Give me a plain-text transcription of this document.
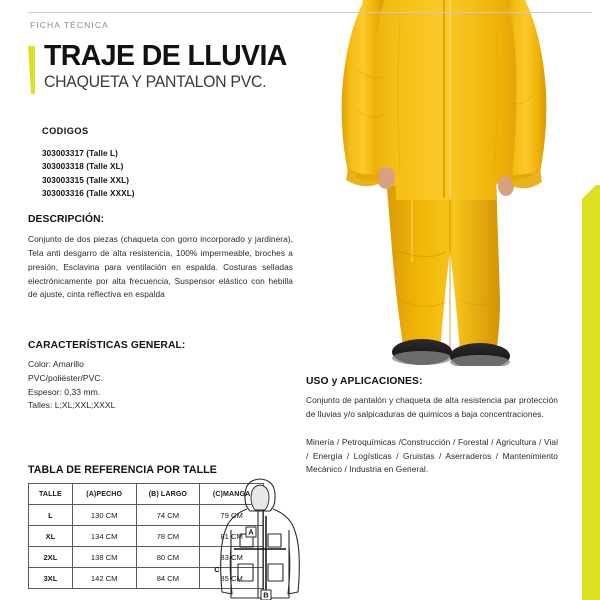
FICHA TÉCNICA
TRAJE DE LLUVIA
CHAQUETA Y PANTALON PVC.
CODIGOS
303003317 (Talle L)
303003318 (Talle XL)
303003315 (Talle XXL)
303003316 (Talle XXXL)
DESCRIPCIÓN:
Conjunto de dos piezas (chaqueta con gorro incorporado y jardinera), Tela anti desgarro de alta resistencia, 100% impermeable, broches a presión, Esclavina para ventilación en espalda. Costuras selladas electrónicamente por alta frecuencia, Suspensor elástico con hebilla de ajuste, cinta reflectiva en espalda
CARACTERÍSTICAS GENERAL:
Color: Amarillo
PVC/poliéster/PVC.
Espesor: 0,33 mm.
Talles: L;XL;XXL;XXXL
USO y APLICACIONES:
Conjunto de pantalón y chaqueta de alta resistencia par protección de lluvias y/o salpicaduras de quimicos a baja concentraciones.
Minería / Petroquímicas /Construcción / Forestal / Agricultura / Vial / Energía / Logísticas / Gruistas / Aserraderos / Mantenimiento Mecánico / Industria en General.
TABLA DE REFERENCIA POR TALLE
TALLE	(A)PECHO	(B) LARGO	(C)MANGA
L	130 CM	74 CM	79 CM
XL	134 CM	78 CM	81 CM
2XL	138 CM	80 CM	83 CM
3XL	142 CM	84 CM	85 CM
A
B
C
